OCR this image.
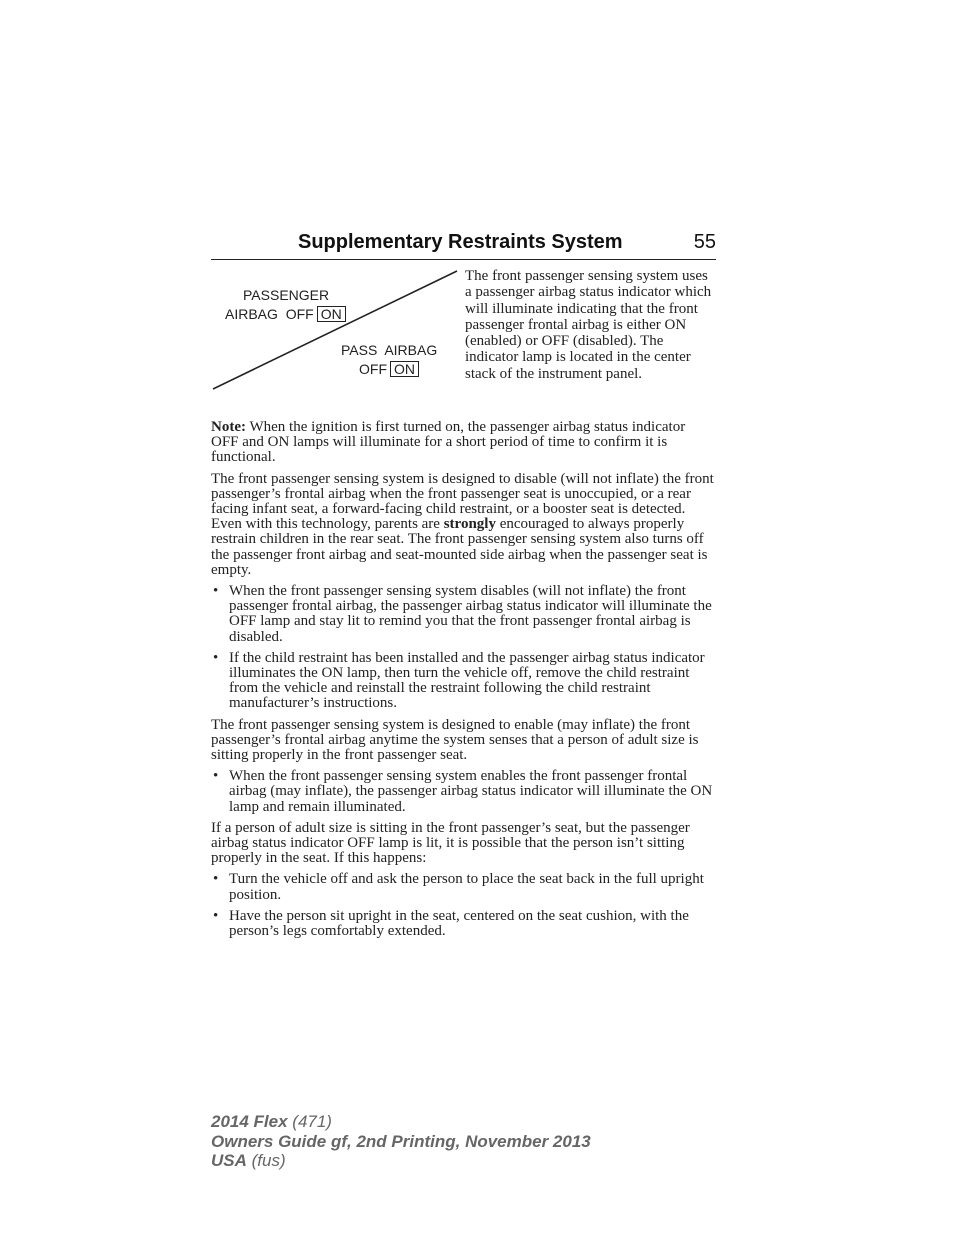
Supplementary Restraints System	55
PASSENGER
AIRBAG OFF ON
PASS AIRBAG
OFF ON
The front passenger sensing system uses a passenger airbag status indicator which will illuminate indicating that the front passenger frontal airbag is either ON (enabled) or OFF (disabled). The indicator lamp is located in the center stack of the instrument panel.

Note: When the ignition is first turned on, the passenger airbag status indicator OFF and ON lamps will illuminate for a short period of time to confirm it is functional.

The front passenger sensing system is designed to disable (will not inflate) the front passenger’s frontal airbag when the front passenger seat is unoccupied, or a rear facing infant seat, a forward-facing child restraint, or a booster seat is detected. Even with this technology, parents are strongly encouraged to always properly restrain children in the rear seat. The front passenger sensing system also turns off the passenger front airbag and seat-mounted side airbag when the passenger seat is empty.

• When the front passenger sensing system disables (will not inflate) the front passenger frontal airbag, the passenger airbag status indicator will illuminate the OFF lamp and stay lit to remind you that the front passenger frontal airbag is disabled.
• If the child restraint has been installed and the passenger airbag status indicator illuminates the ON lamp, then turn the vehicle off, remove the child restraint from the vehicle and reinstall the restraint following the child restraint manufacturer’s instructions.

The front passenger sensing system is designed to enable (may inflate) the front passenger’s frontal airbag anytime the system senses that a person of adult size is sitting properly in the front passenger seat.

• When the front passenger sensing system enables the front passenger frontal airbag (may inflate), the passenger airbag status indicator will illuminate the ON lamp and remain illuminated.

If a person of adult size is sitting in the front passenger’s seat, but the passenger airbag status indicator OFF lamp is lit, it is possible that the person isn’t sitting properly in the seat. If this happens:

• Turn the vehicle off and ask the person to place the seat back in the full upright position.
• Have the person sit upright in the seat, centered on the seat cushion, with the person’s legs comfortably extended.
2014 Flex (471)
Owners Guide gf, 2nd Printing, November 2013
USA (fus)
